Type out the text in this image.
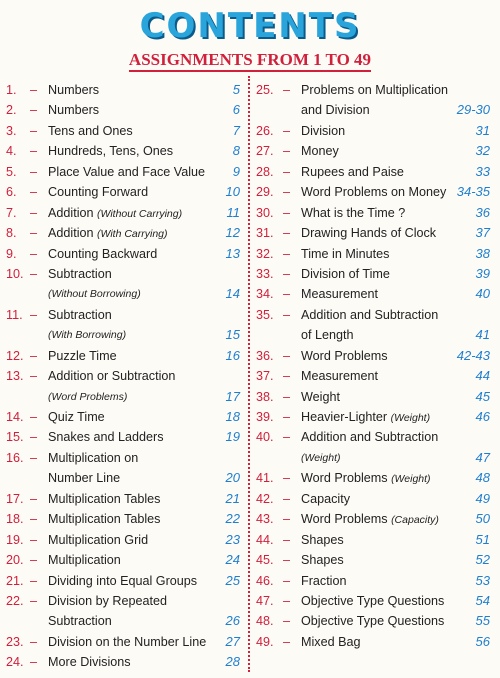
CONTENTS
ASSIGNMENTS FROM 1 TO 49
1. – Numbers	5
2. – Numbers	6
3. – Tens and Ones	7
4. – Hundreds, Tens, Ones	8
5. – Place Value and Face Value 9
6. – Counting Forward	10
7. – Addition (Without Carrying)	11
8. – Addition (With Carrying)	12
9. – Counting Backward	13
10. – Subtraction
(Without Borrowing)	14
11. – Subtraction
(With Borrowing)	15
12. – Puzzle Time	16
13. – Addition or Subtraction
(Word Problems)	17
14. – Quiz Time	18
15. – Snakes and Ladders	19
16. – Multiplication on
Number Line	20
17. – Multiplication Tables	21
18. – Multiplication Tables	22
19. – Multiplication Grid	23
20. – Multiplication	24
21. – Dividing into Equal Groups 25
22. – Division by Repeated
Subtraction	26
23. – Division on the Number Line 27
24. – More Divisions	28
25. – Problems on Multiplication
and Division	29-30
26. – Division	31
27. – Money	32
28. – Rupees and Paise	33
29. – Word Problems on Money 34-35
30. – What is the Time ?	36
31. – Drawing Hands of Clock	37
32. – Time in Minutes	38
33. – Division of Time	39
34. – Measurement	40
35. – Addition and Subtraction
of Length	41
36. – Word Problems	42-43
37. – Measurement	44
38. – Weight	45
39. – Heavier-Lighter (Weight)	46
40. – Addition and Subtraction
(Weight)	47
41. – Word Problems (Weight)	48
42. – Capacity	49
43. – Word Problems (Capacity)	50
44. – Shapes	51
45. – Shapes	52
46. – Fraction	53
47. – Objective Type Questions 54
48. – Objective Type Questions 55
49. – Mixed Bag	56
